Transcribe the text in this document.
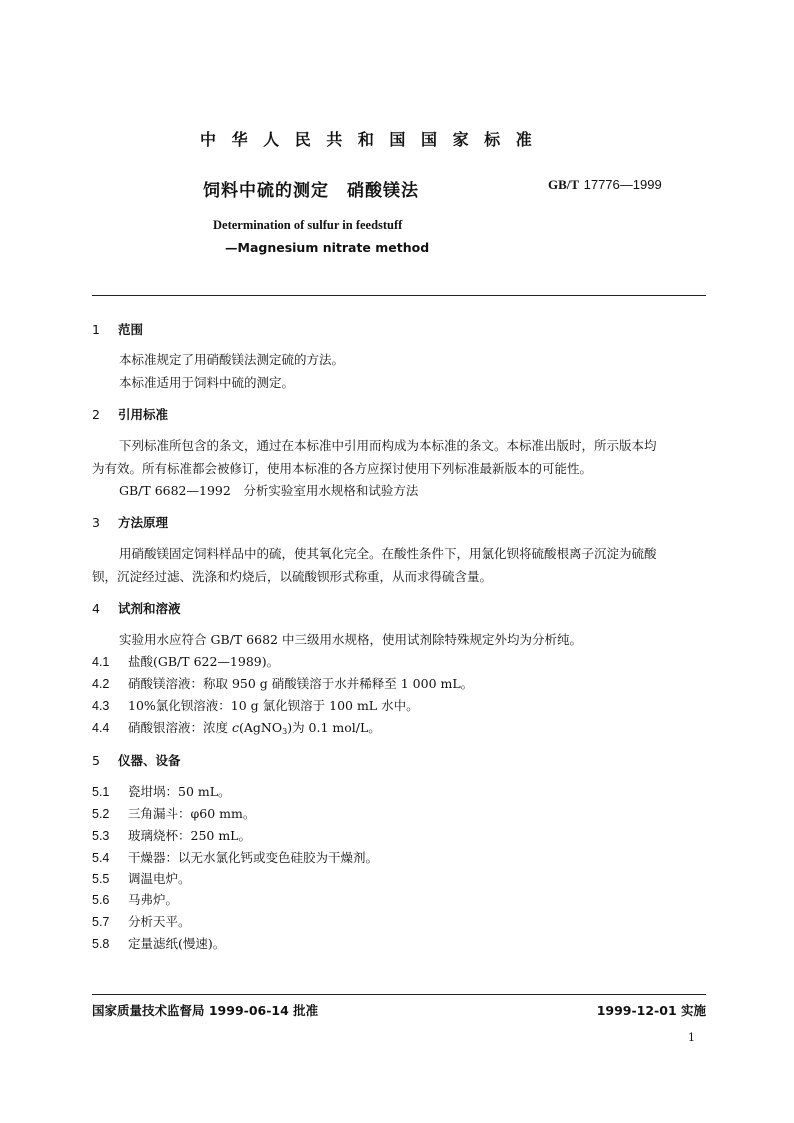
中 华 人 民 共 和 国 国 家 标 准
饲料中硫的测定　硝酸镁法	GB/T 17776—1999
Determination of sulfur in feedstuff
—Magnesium nitrate method
1 范围
本标准规定了用硝酸镁法测定硫的方法。
本标准适用于饲料中硫的测定。
2 引用标准
下列标准所包含的条文，通过在本标准中引用而构成为本标准的条文。本标准出版时，所示版本均
为有效。所有标准都会被修订，使用本标准的各方应探讨使用下列标准最新版本的可能性。
GB/T 6682—1992　分析实验室用水规格和试验方法
3 方法原理
用硝酸镁固定饲料样品中的硫，使其氧化完全。在酸性条件下，用氯化钡将硫酸根离子沉淀为硫酸
钡，沉淀经过滤、洗涤和灼烧后，以硫酸钡形式称重，从而求得硫含量。
4 试剂和溶液
实验用水应符合 GB/T 6682 中三级用水规格，使用试剂除特殊规定外均为分析纯。
4.1 盐酸(GB/T 622—1989)。
4.2 硝酸镁溶液：称取 950 g 硝酸镁溶于水并稀释至 1 000 mL。
4.3 10%氯化钡溶液：10 g 氯化钡溶于 100 mL 水中。
4.4 硝酸银溶液：浓度 c(AgNO$_3$)为 0.1 mol/L。
5 仪器、设备
5.1 瓷坩埚：50 mL。
5.2 三角漏斗：φ60 mm。
5.3 玻璃烧杯：250 mL。
5.4 干燥器：以无水氯化钙或变色硅胶为干燥剂。
5.5 调温电炉。
5.6 马弗炉。
5.7 分析天平。
5.8 定量滤纸(慢速)。
国家质量技术监督局 1999-06-14 批准	1999-12-01 实施
1
